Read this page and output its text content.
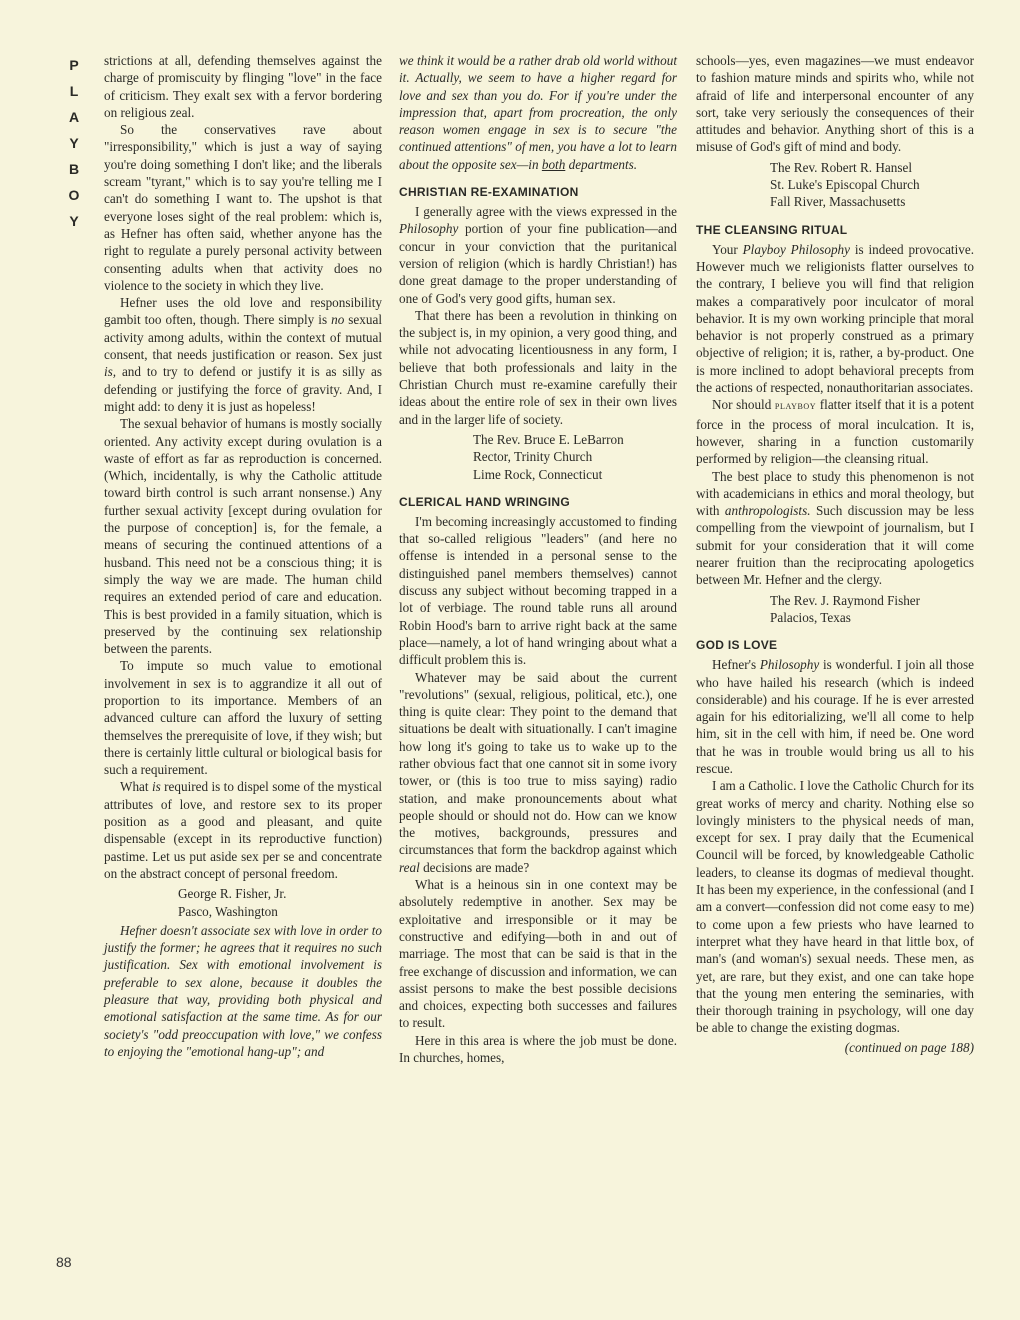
P
L
A
Y
B
O
Y
88

strictions at all, defending themselves against the charge of promiscuity by flinging "love" in the face of criticism. They exalt sex with a fervor bordering on religious zeal.

So the conservatives rave about "irresponsibility," which is just a way of saying you're doing something I don't like; and the liberals scream "tyrant," which is to say you're telling me I can't do something I want to. The upshot is that everyone loses sight of the real problem: which is, as Hefner has often said, whether anyone has the right to regulate a purely personal activity between consenting adults when that activity does no violence to the society in which they live.

Hefner uses the old love and responsibility gambit too often, though. There simply is no sexual activity among adults, within the context of mutual consent, that needs justification or reason. Sex just is, and to try to defend or justify it is as silly as defending or justifying the force of gravity. And, I might add: to deny it is just as hopeless!

The sexual behavior of humans is mostly socially oriented. Any activity except during ovulation is a waste of effort as far as reproduction is concerned. (Which, incidentally, is why the Catholic attitude toward birth control is such arrant nonsense.) Any further sexual activity [except during ovulation for the purpose of conception] is, for the female, a means of securing the continued attentions of a husband. This need not be a conscious thing; it is simply the way we are made. The human child requires an extended period of care and education. This is best provided in a family situation, which is preserved by the continuing sex relationship between the parents.

To impute so much value to emotional involvement in sex is to aggrandize it all out of proportion to its importance. Members of an advanced culture can afford the luxury of setting themselves the prerequisite of love, if they wish; but there is certainly little cultural or biological basis for such a requirement.

What is required is to dispel some of the mystical attributes of love, and restore sex to its proper position as a good and pleasant, and quite dispensable (except in its reproductive function) pastime. Let us put aside sex per se and concentrate on the abstract concept of personal freedom.

George R. Fisher, Jr.
Pasco, Washington

Hefner doesn't associate sex with love in order to justify the former; he agrees that it requires no such justification. Sex with emotional involvement is preferable to sex alone, because it doubles the pleasure that way, providing both physical and emotional satisfaction at the same time. As for our society's "odd preoccupation with love," we confess to enjoying the "emotional hang-up"; and

we think it would be a rather drab old world without it. Actually, we seem to have a higher regard for love and sex than you do. For if you're under the impression that, apart from procreation, the only reason women engage in sex is to secure "the continued attentions" of men, you have a lot to learn about the opposite sex—in both departments.

CHRISTIAN RE-EXAMINATION

I generally agree with the views expressed in the Philosophy portion of your fine publication—and concur in your conviction that the puritanical version of religion (which is hardly Christian!) has done great damage to the proper understanding of one of God's very good gifts, human sex.

That there has been a revolution in thinking on the subject is, in my opinion, a very good thing, and while not advocating licentiousness in any form, I believe that both professionals and laity in the Christian Church must re-examine carefully their ideas about the entire role of sex in their own lives and in the larger life of society.

The Rev. Bruce E. LeBarron
Rector, Trinity Church
Lime Rock, Connecticut
CLERICAL HAND WRINGING

I'm becoming increasingly accustomed to finding that so-called religious "leaders" (and here no offense is intended in a personal sense to the distinguished panel members themselves) cannot discuss any subject without becoming trapped in a lot of verbiage. The round table runs all around Robin Hood's barn to arrive right back at the same place—namely, a lot of hand wringing about what a difficult problem this is.

Whatever may be said about the current "revolutions" (sexual, religious, political, etc.), one thing is quite clear: They point to the demand that situations be dealt with situationally. I can't imagine how long it's going to take us to wake up to the rather obvious fact that one cannot sit in some ivory tower, or (this is too true to miss saying) radio station, and make pronouncements about what people should or should not do. How can we know the motives, backgrounds, pressures and circumstances that form the backdrop against which real decisions are made?

What is a heinous sin in one context may be absolutely redemptive in another. Sex may be exploitative and irresponsible or it may be constructive and edifying—both in and out of marriage. The most that can be said is that in the free exchange of discussion and information, we can assist persons to make the best possible decisions and choices, expecting both successes and failures to result.

Here in this area is where the job must be done. In churches, homes,

schools—yes, even magazines—we must endeavor to fashion mature minds and spirits who, while not afraid of life and interpersonal encounter of any sort, take very seriously the consequences of their attitudes and behavior. Anything short of this is a misuse of God's gift of mind and body.

The Rev. Robert R. Hansel
St. Luke's Episcopal Church
Fall River, Massachusetts
THE CLEANSING RITUAL

Your Playboy Philosophy is indeed provocative. However much we religionists flatter ourselves to the contrary, I believe you will find that religion makes a comparatively poor inculcator of moral behavior. It is my own working principle that moral behavior is not properly construed as a primary objective of religion; it is, rather, a by-product. One is more inclined to adopt behavioral precepts from the actions of respected, nonauthoritarian associates.

Nor should playboy flatter itself that it is a potent force in the process of moral inculcation. It is, however, sharing in a function customarily performed by religion—the cleansing ritual.

The best place to study this phenomenon is not with academicians in ethics and moral theology, but with anthropologists. Such discussion may be less compelling from the viewpoint of journalism, but I submit for your consideration that it will come nearer fruition than the reciprocating apologetics between Mr. Hefner and the clergy.

The Rev. J. Raymond Fisher
Palacios, Texas
GOD IS LOVE

Hefner's Philosophy is wonderful. I join all those who have hailed his research (which is indeed considerable) and his courage. If he is ever arrested again for his editorializing, we'll all come to help him, sit in the cell with him, if need be. One word that he was in trouble would bring us all to his rescue.

I am a Catholic. I love the Catholic Church for its great works of mercy and charity. Nothing else so lovingly ministers to the physical needs of man, except for sex. I pray daily that the Ecumenical Council will be forced, by knowledgeable Catholic leaders, to cleanse its dogmas of medieval thought. It has been my experience, in the confessional (and I am a convert—confession did not come easy to me) to come upon a few priests who have learned to interpret what they have heard in that little box, of man's (and woman's) sexual needs. These men, as yet, are rare, but they exist, and one can take hope that the young men entering the seminaries, with their thorough training in psychology, will one day be able to change the existing dogmas.

(continued on page 188)
